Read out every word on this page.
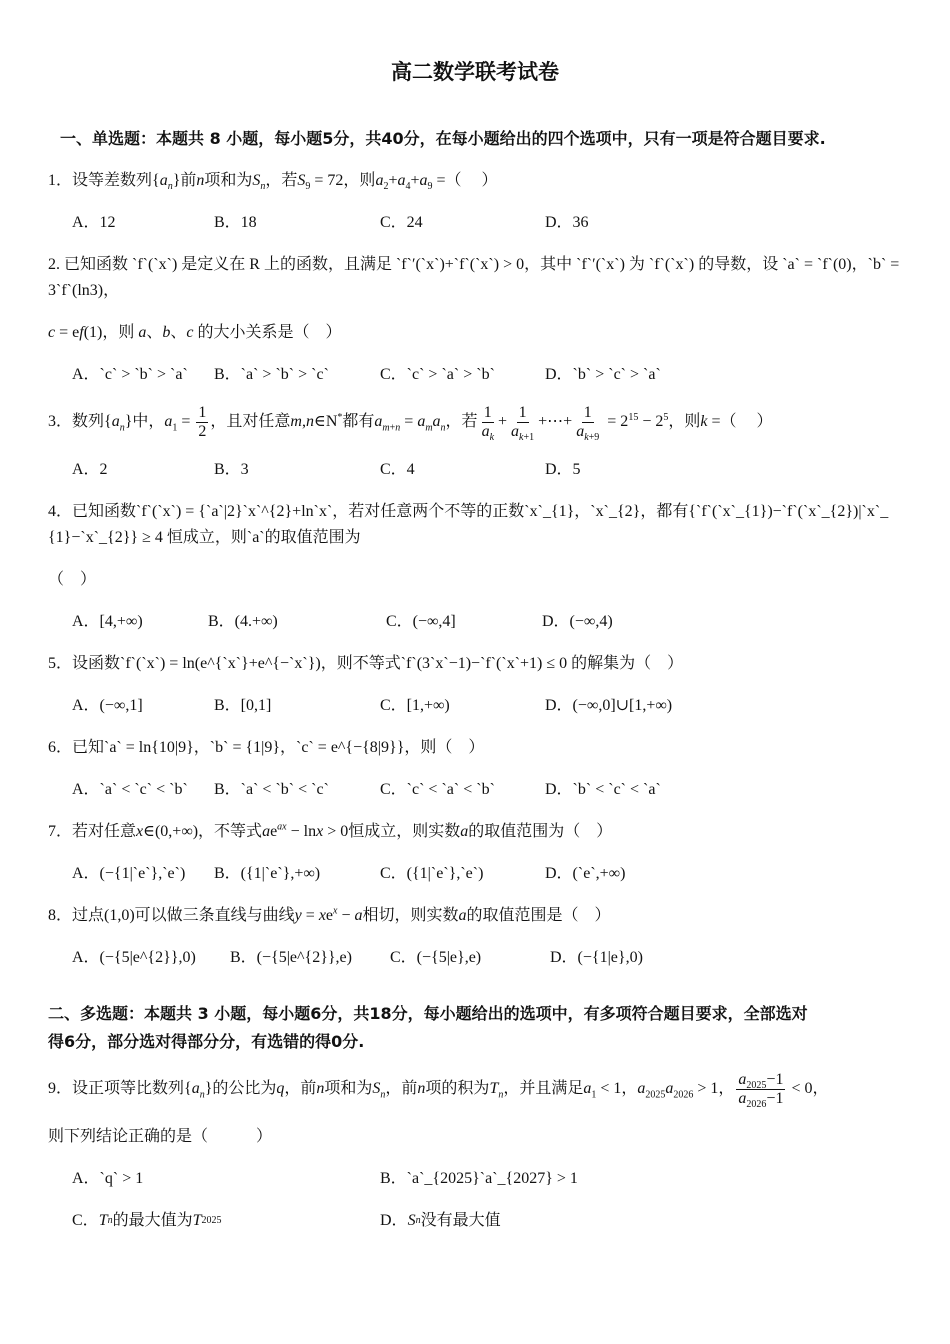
高二数学联考试卷
一、单选题：本题共 8 小题，每小题5分，共40分，在每小题给出的四个选项中，只有一项是符合题目要求.
1．设等差数列$\{a_n\}$前n项和为$S_n$，若$S_9 = 72$，则$a_2+a_4+a_9$ =（　 ）
A．12	B．18	C．24	D．36
2. 已知函数 `f`(`x`) 是定义在 R 上的函数，且满足 `f`′(`x`)+`f`(`x`) > 0，其中 `f`′(`x`) 为 `f`(`x`) 的导数，设 `a` = `f`(0)，`b` = 3`f`(ln3)，
c = ef(1)，则 a、b、c 的大小关系是（　）
A．`c` > `b` > `a` B．`a` > `b` > `c`	C．`c` > `a` > `b`	D．`b` > `c` > `a`
3．数列$\{a_n\}$中，$a_1 = \frac{1}{2}$ ，且对任意m,n∈N*都有$a_{m+n} = a_ma_n$，若 $\frac{1}{a_k} + \frac{1}{a_{k+1}}$ +⋯+ $\frac{1}{a_{k+9}} = 2^{15} - 2^5$，则k =（　 ）
A．2	B．3	C．4	D．5
4．已知函数`f`(`x`) = {`a`|2}`x`^{2}+ln`x`，若对任意两个不等的正数`x`_{1}，`x`_{2}，都有{`f`(`x`_{1})−`f`(`x`_{2})|`x`_{1}−`x`_{2}} ≥ 4 恒成立，则`a`的取值范围为
（　）
A．[4,+∞)	B．(4.+∞)	C．(−∞,4]	D．(−∞,4)
5．设函数`f`(`x`) = ln(e^{`x`}+e^{−`x`})，则不等式`f`(3`x`−1)−`f`(`x`+1) ≤ 0 的解集为（　）
A．(−∞,1]	B．[0,1]	C．[1,+∞)	D．(−∞,0]∪[1,+∞)
6．已知`a` = ln{10|9}，`b` = {1|9}，`c` = e^{−{8|9}}，则（　）
A．`a` < `c` < `b` B．`a` < `b` < `c`	C．`c` < `a` < `b`	D．`b` < `c` < `a`
7．若对任意x∈(0,+∞)，不等式$ae^{ax} - \ln x > 0$恒成立，则实数a的取值范围为（　）
A．(−{1|`e`},`e`) B．({1|`e`},+∞)	C．({1|`e`},`e`)	D．(`e`,+∞)
8．过点(1,0)可以做三条直线与曲线$y = xe^x - a$相切，则实数a的取值范围是（　）
A．(−{5|e^{2}},0) B．(−{5|e^{2}},e) C．(−{5|e},e)	D．(−{1|e},0)
二、多选题：本题共 3 小题，每小题6分，共18分，每小题给出的选项中，有多项符合题目要求，全部选对
得6分，部分选对得部分分，有选错的得0分.
9．设正项等比数列$\{a_n\}$的公比为q，前n项和为$S_n$，前n项的积为$T_n$，并且满足$a_1 < 1$，$a_{2025}a_{2026} > 1$， $\frac{a_{2025}-1}{a_{2026}-1} < 0$，
则下列结论正确的是（　　　）
A．`q` > 1	B．`a`_{2025}`a`_{2027} > 1
C． T n 的最大值为 T 2025	D． S n 没有最大值
